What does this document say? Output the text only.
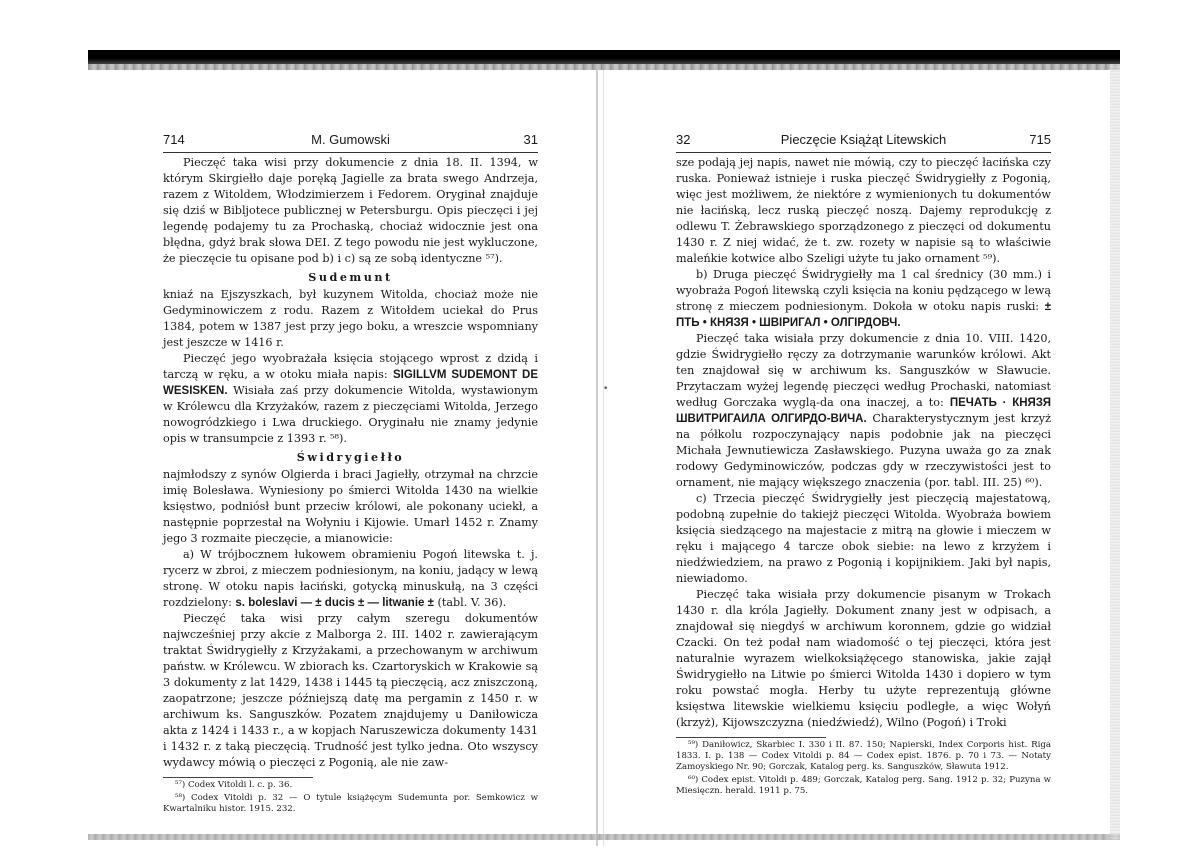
•
714	M. Gumowski	31

Pieczęć taka wisi przy dokumencie z dnia 18. II. 1394, w którym Skirgiełło daje poręką Jagielle za brata swego Andrzeja, razem z Witoldem, Włodzimierzem i Fedorem. Oryginał znajduje się dziś w Bibljotece publicznej w Petersburgu. Opis pieczęci i jej legendę podajemy tu za Prochaską, chociaż widocznie jest ona błędna, gdyż brak słowa DEI. Z tego powodu nie jest wykluczone, że pieczęcie tu opisane pod b) i c) są ze sobą identyczne ⁵⁷).

Sudemunt

kniaź na Ejszyszkach, był kuzynem Witolda, chociaż może nie Gedyminowiczem z rodu. Razem z Witołdem uciekał do Prus 1384, potem w 1387 jest przy jego boku, a wreszcie wspomniany jest jeszcze w 1416 r.

Pieczęć jego wyobrażała księcia stojącego wprost z dzidą i tarczą w ręku, a w otoku miała napis: SIGILLVM SUDEMONT DE WESISKEN. Wisiała zaś przy dokumencie Witolda, wystawionym w Królewcu dla Krzyżaków, razem z pieczęciami Witolda, Jerzego nowogródzkiego i Lwa druckiego. Oryginału nie znamy jedynie opis w transumpcie z 1393 r. ⁵⁸).

Świdrygiełło

najmłodszy z synów Olgierda i braci Jagiełły, otrzymał na chrzcie imię Bolesława. Wyniesiony po śmierci Witolda 1430 na wielkie księstwo, podniósł bunt przeciw królowi, ale pokonany uciekł, a następnie poprzestał na Wołyniu i Kijowie. Umarł 1452 r. Znamy jego 3 rozmaite pieczęcie, a mianowicie:

a) W trójbocznem łukowem obramieniu Pogoń litewska t. j. rycerz w zbroi, z mieczem podniesionym, na koniu, jadący w lewą stronę. W otoku napis łaciński, gotycką minuskułą, na 3 części rozdzielony: s. boleslavi — ± ducis ± — litwanie ± (tabl. V. 36).

Pieczęć taka wisi przy całym szeregu dokumentów najwcześniej przy akcie z Malborga 2. III. 1402 r. zawierającym traktat Świdrygiełły z Krzyżakami, a przechowanym w archiwum państw. w Królewcu. W zbiorach ks. Czartoryskich w Krakowie są 3 dokumenty z lat 1429, 1438 i 1445 tą pieczęcią, acz zniszczoną, zaopatrzone; jeszcze późniejszą datę ma pergamin z 1450 r. w archiwum ks. Sanguszków. Pozatem znajdujemy u Daniłowicza akta z 1424 i 1433 r., a w kopjach Naruszewicza dokumenty 1431 i 1432 r. z taką pieczęcią. Trudność jest tylko jedna. Oto wszyscy wydawcy mówią o pieczęci z Pogonią, ale nie zaw-

⁵⁷) Codex Vitoldi l. c. p. 36.

⁵⁸) Codex Vitoldi p. 32 — O tytule książęcym Sudemunta por. Semkowicz w Kwartalniku histor. 1915. 232.

32	Pieczęcie Książąt Litewskich	715

sze podają jej napis, nawet nie mówią, czy to pieczęć łacińska czy ruska. Ponieważ istnieje i ruska pieczęć Świdrygiełły z Pogonią, więc jest możliwem, że niektóre z wymienionych tu dokumentów nie łacińską, lecz ruską pieczęć noszą. Dajemy reprodukcję z odlewu T. Żebrawskiego sporządzonego z pieczęci od dokumentu 1430 r. Z niej widać, że t. zw. rozety w napisie są to właściwie maleńkie kotwice albo Szeligi użyte tu jako ornament ⁵⁹).

b) Druga pieczęć Świdrygiełły ma 1 cal średnicy (30 mm.) i wyobraża Pogoń litewską czyli księcia na koniu pędzącego w lewą stronę z mieczem podniesionym. Dokoła w otoku napis ruski: ± ПТЬ • КНЯЗЯ • ШВІРИГАЛ • ОЛГІРДОВЧ.

Pieczęć taka wisiała przy dokumencie z dnia 10. VIII. 1420, gdzie Świdrygiełło ręczy za dotrzymanie warunków królowi. Akt ten znajdował się w archiwum ks. Sanguszków w Sławucie. Przytaczam wyżej legendę pieczęci według Prochaski, natomiast według Gorczaka wyglą-da ona inaczej, a to: ПЕЧАТЬ · КНЯЗЯ ШВИТРИГАИЛА ОЛГИРДО-ВИЧА. Charakterystycznym jest krzyż na półkolu rozpoczynający napis podobnie jak na pieczęci Michała Jewnutiewicza Zasławskiego. Puzyna uważa go za znak rodowy Gedyminowiczów, podczas gdy w rzeczywistości jest to ornament, nie mający większego znaczenia (por. tabl. III. 25) ⁶⁰).

c) Trzecia pieczęć Świdrygiełły jest pieczęcią majestatową, podobną zupełnie do takiejż pieczęci Witolda. Wyobraża bowiem księcia siedzącego na majestacie z mitrą na głowie i mieczem w ręku i mającego 4 tarcze obok siebie: na lewo z krzyżem i niedźwiedziem, na prawo z Pogonią i kopijnikiem. Jaki był napis, niewiadomo.

Pieczęć taka wisiała przy dokumencie pisanym w Trokach 1430 r. dla króla Jagiełły. Dokument znany jest w odpisach, a znajdował się niegdyś w archiwum koronnem, gdzie go widział Czacki. On też podał nam wiadomość o tej pieczęci, która jest naturalnie wyrazem wielkoksiążęcego stanowiska, jakie zajął Świdrygiełło na Litwie po śmierci Witolda 1430 i dopiero w tym roku powstać mogła. Herby tu użyte reprezentują główne księstwa litewskie wielkiemu księciu podległe, a więc Wołyń (krzyż), Kijowszczyzna (niedźwiedź), Wilno (Pogoń) i Troki

⁵⁹) Daniłowicz, Skarbiec I. 330 i II. 87. 150; Napierski, Index Corporis hist. Riga 1833. I. p. 138 — Codex Vitoldi p. 84 — Codex epist. 1876. p. 70 i 73. — Notaty Zamoyskiego Nr. 90; Gorczak, Katalog perg. ks. Sanguszków, Sławuta 1912.

⁶⁰) Codex epist. Vitoldi p. 489; Gorczak, Katalog perg. Sang. 1912 p. 32; Puzyna w Miesięczn. herald. 1911 p. 75.
